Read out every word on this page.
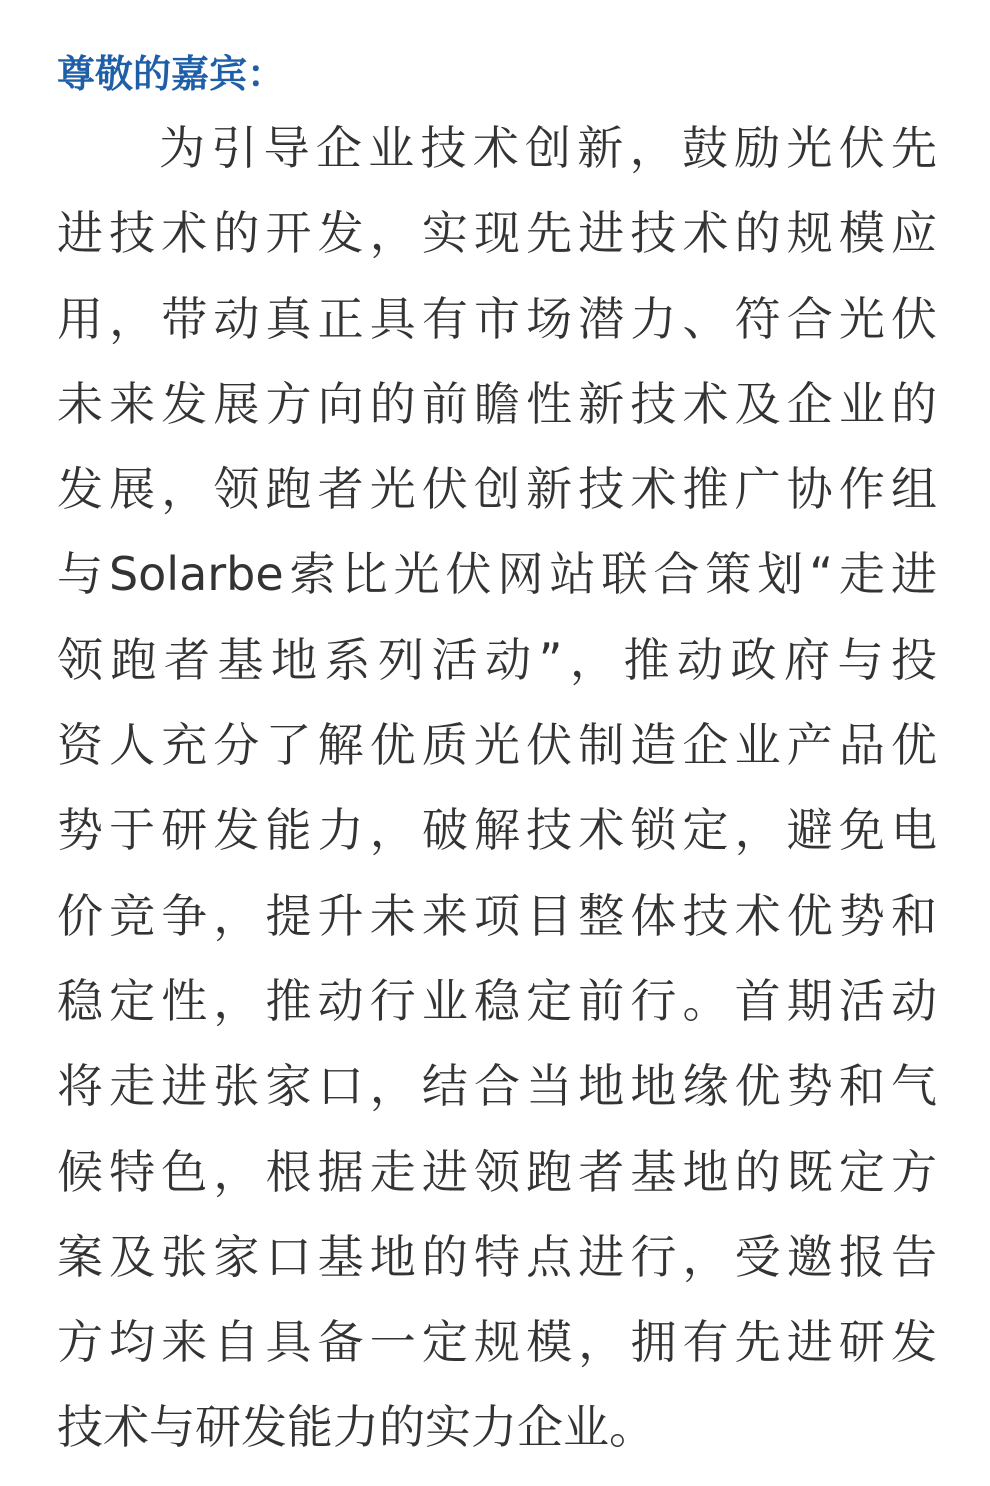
尊敬的嘉宾：
为引导企业技术创新，鼓励光伏先
进技术的开发，实现先进技术的规模应
用，带动真正具有市场潜力、符合光伏
未来发展方向的前瞻性新技术及企业的
发展，领跑者光伏创新技术推广协作组
与Solarbe索比光伏网站联合策划“走进
领跑者基地系列活动”，推动政府与投
资人充分了解优质光伏制造企业产品优
势于研发能力，破解技术锁定，避免电
价竞争，提升未来项目整体技术优势和
稳定性，推动行业稳定前行。首期活动
将走进张家口，结合当地地缘优势和气
候特色，根据走进领跑者基地的既定方
案及张家口基地的特点进行，受邀报告
方均来自具备一定规模，拥有先进研发
技术与研发能力的实力企业。
